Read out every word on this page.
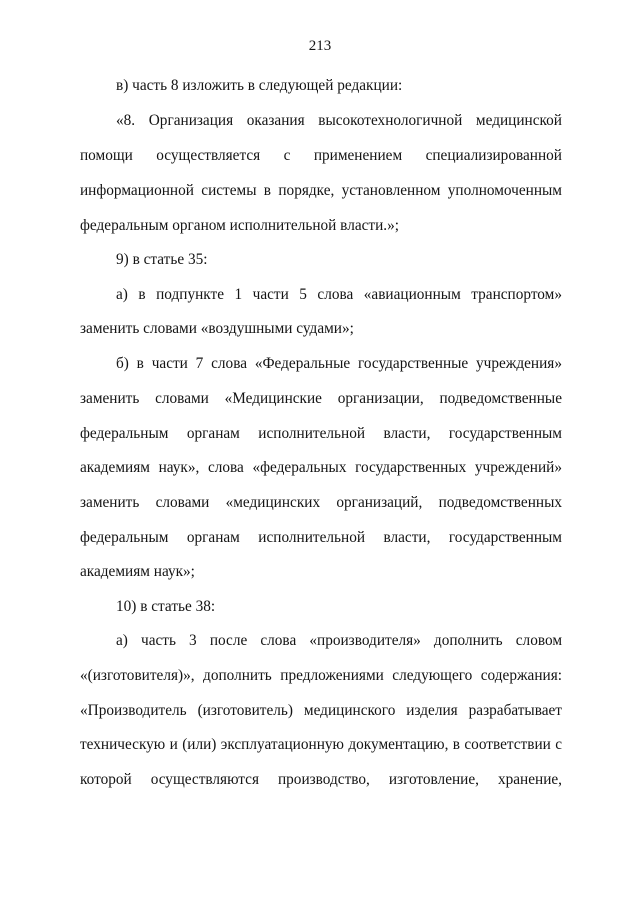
213
в) часть 8 изложить в следующей редакции:
«8. Организация оказания высокотехнологичной медицинской
помощи осуществляется с применением специализированной
информационной системы в порядке, установленном уполномоченным
федеральным органом исполнительной власти.»;
9) в статье 35:
а) в подпункте 1 части 5 слова «авиационным транспортом»
заменить словами «воздушными судами»;
б) в части 7 слова «Федеральные государственные учреждения»
заменить словами «Медицинские организации, подведомственные
федеральным органам исполнительной власти, государственным
академиям наук», слова «федеральных государственных учреждений»
заменить словами «медицинских организаций, подведомственных
федеральным органам исполнительной власти, государственным
академиям наук»;
10) в статье 38:
а) часть 3 после слова «производителя» дополнить словом
«(изготовителя)», дополнить предложениями следующего содержания:
«Производитель (изготовитель) медицинского изделия разрабатывает
техническую и (или) эксплуатационную документацию, в соответствии с
которой осуществляются производство, изготовление, хранение,
